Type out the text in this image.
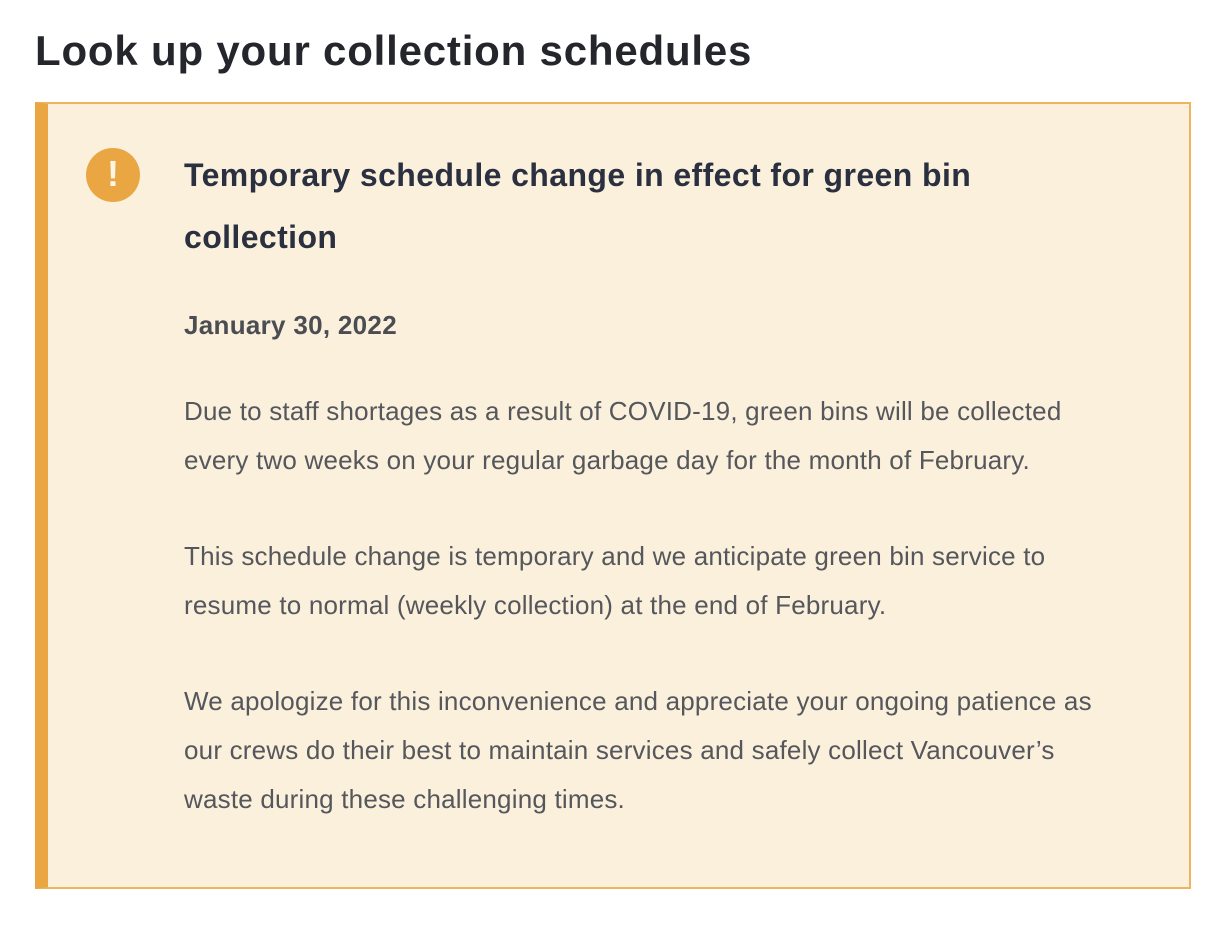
Look up your collection schedules
! Temporary schedule change in effect for green bin collection

January 30, 2022

Due to staff shortages as a result of COVID-19, green bins will be collected every two weeks on your regular garbage day for the month of February.

This schedule change is temporary and we anticipate green bin service to resume to normal (weekly collection) at the end of February.

We apologize for this inconvenience and appreciate your ongoing patience as our crews do their best to maintain services and safely collect Vancouver’s waste during these challenging times.
